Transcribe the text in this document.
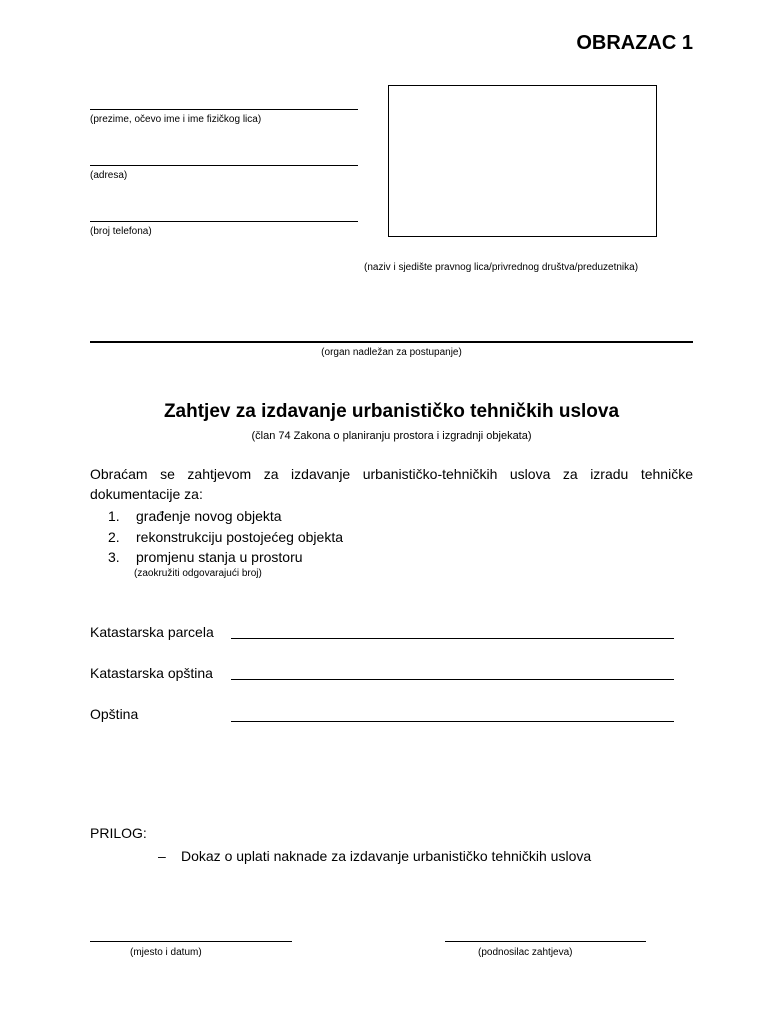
OBRAZAC 1
(prezime, očevo ime i ime fizičkog lica)
(adresa)
(broj telefona)
(naziv i sjedište pravnog lica/privrednog društva/preduzetnika)
(organ nadležan za postupanje)
Zahtjev za izdavanje urbanističko tehničkih uslova
(član 74 Zakona o planiranju prostora i izgradnji objekata)
Obraćam se zahtjevom za izdavanje urbanističko-tehničkih uslova za izradu tehničke dokumentacije za:
1.	građenje novog objekta
2.	rekonstrukciju postojećeg objekta
3.	promjenu stanja u prostoru
(zaokružiti odgovarajući broj)
Katastarska parcela
Katastarska opština
Opština
PRILOG:
–	Dokaz o uplati naknade za izdavanje urbanističko tehničkih uslova
(mjesto i datum)	(podnosilac zahtjeva)
